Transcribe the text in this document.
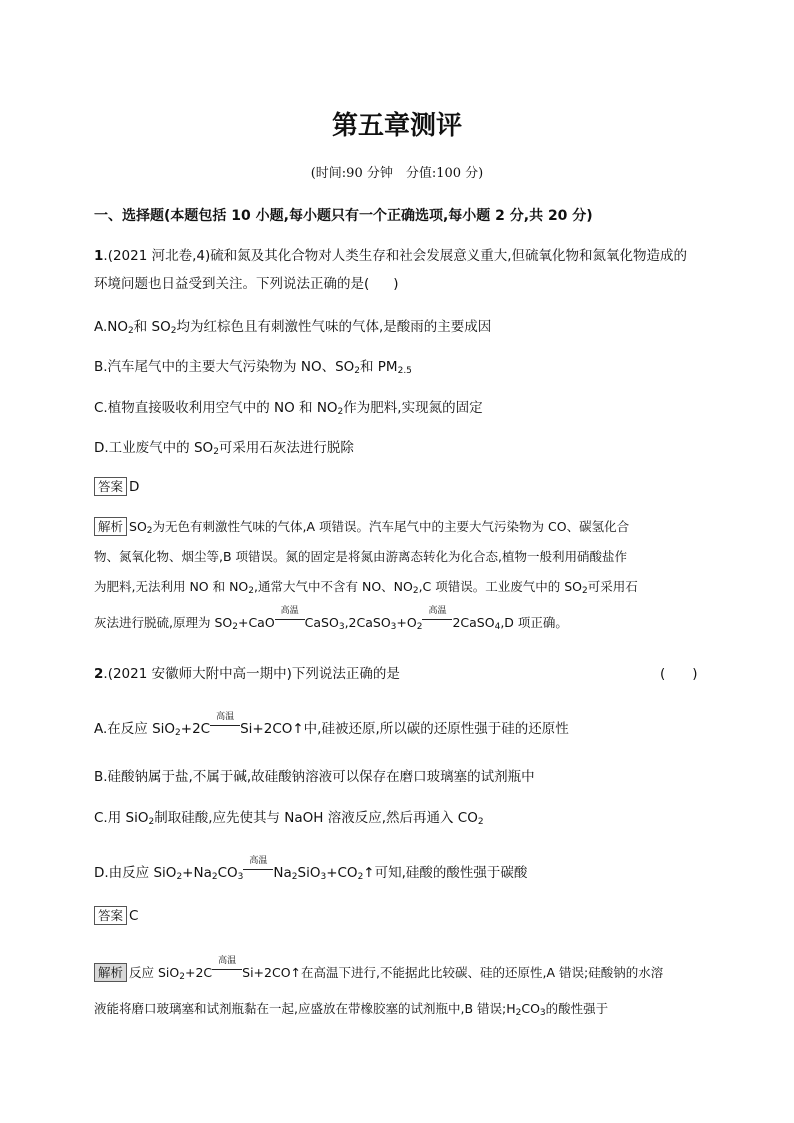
第五章测评
(时间:90 分钟　分值:100 分)
一、选择题(本题包括 10 小题,每小题只有一个正确选项,每小题 2 分,共 20 分)
1.(2021 河北卷,4)硫和氮及其化合物对人类生存和社会发展意义重大,但硫氧化物和氮氧化物造成的
环境问题也日益受到关注。下列说法正确的是( )
$A.NO_2$和 $SO_2$均为红棕色且有刺激性气味的气体,是酸雨的主要成因
B.汽车尾气中的主要大气污染物为 NO、$SO_2$和 $PM_{2.5}$
C.植物直接吸收利用空气中的 NO 和 $NO_2$作为肥料,实现氮的固定
D.工业废气中的 $SO_2$可采用石灰法进行脱除
答案 D
解析 $SO_2$为无色有刺激性气味的气体,A 项错误。汽车尾气中的主要大气污染物为 CO、碳氢化合
物、氮氧化物、烟尘等,B 项错误。氮的固定是将氮由游离态转化为化合态,植物一般利用硝酸盐作
为肥料,无法利用 NO 和 $NO_2$,通常大气中不含有 NO、$NO_2,C$ 项错误。工业废气中的 $SO_2$可采用石
灰法进行脱硫,原理为 $SO_2+CaO$
高温
$CaSO_3,2CaSO_3+O_2$
高温
2CaSO$_4$,D 项正确。
2.(2021 安徽师大附中高一期中)下列说法正确的是	(　　)
A.在反应 SiO$_2$+2C
高温
Si+2CO↑中,硅被还原,所以碳的还原性强于硅的还原性
B.硅酸钠属于盐,不属于碱,故硅酸钠溶液可以保存在磨口玻璃塞的试剂瓶中
C.用 SiO$_2$制取硅酸,应先使其与 NaOH 溶液反应,然后再通入 $CO_2$
D.由反应 $SiO_2+Na_2CO_3$
高温
$Na_2SiO_3+CO_2↑$可知,硅酸的酸性强于碳酸
答案 C
解析 反应 SiO$_2$+2C
高温
Si+2CO↑在高温下进行,不能据此比较碳、硅的还原性,A 错误;硅酸钠的水溶
液能将磨口玻璃塞和试剂瓶黏在一起,应盛放在带橡胶塞的试剂瓶中,B 错误$;H_2CO_3$的酸性强于
